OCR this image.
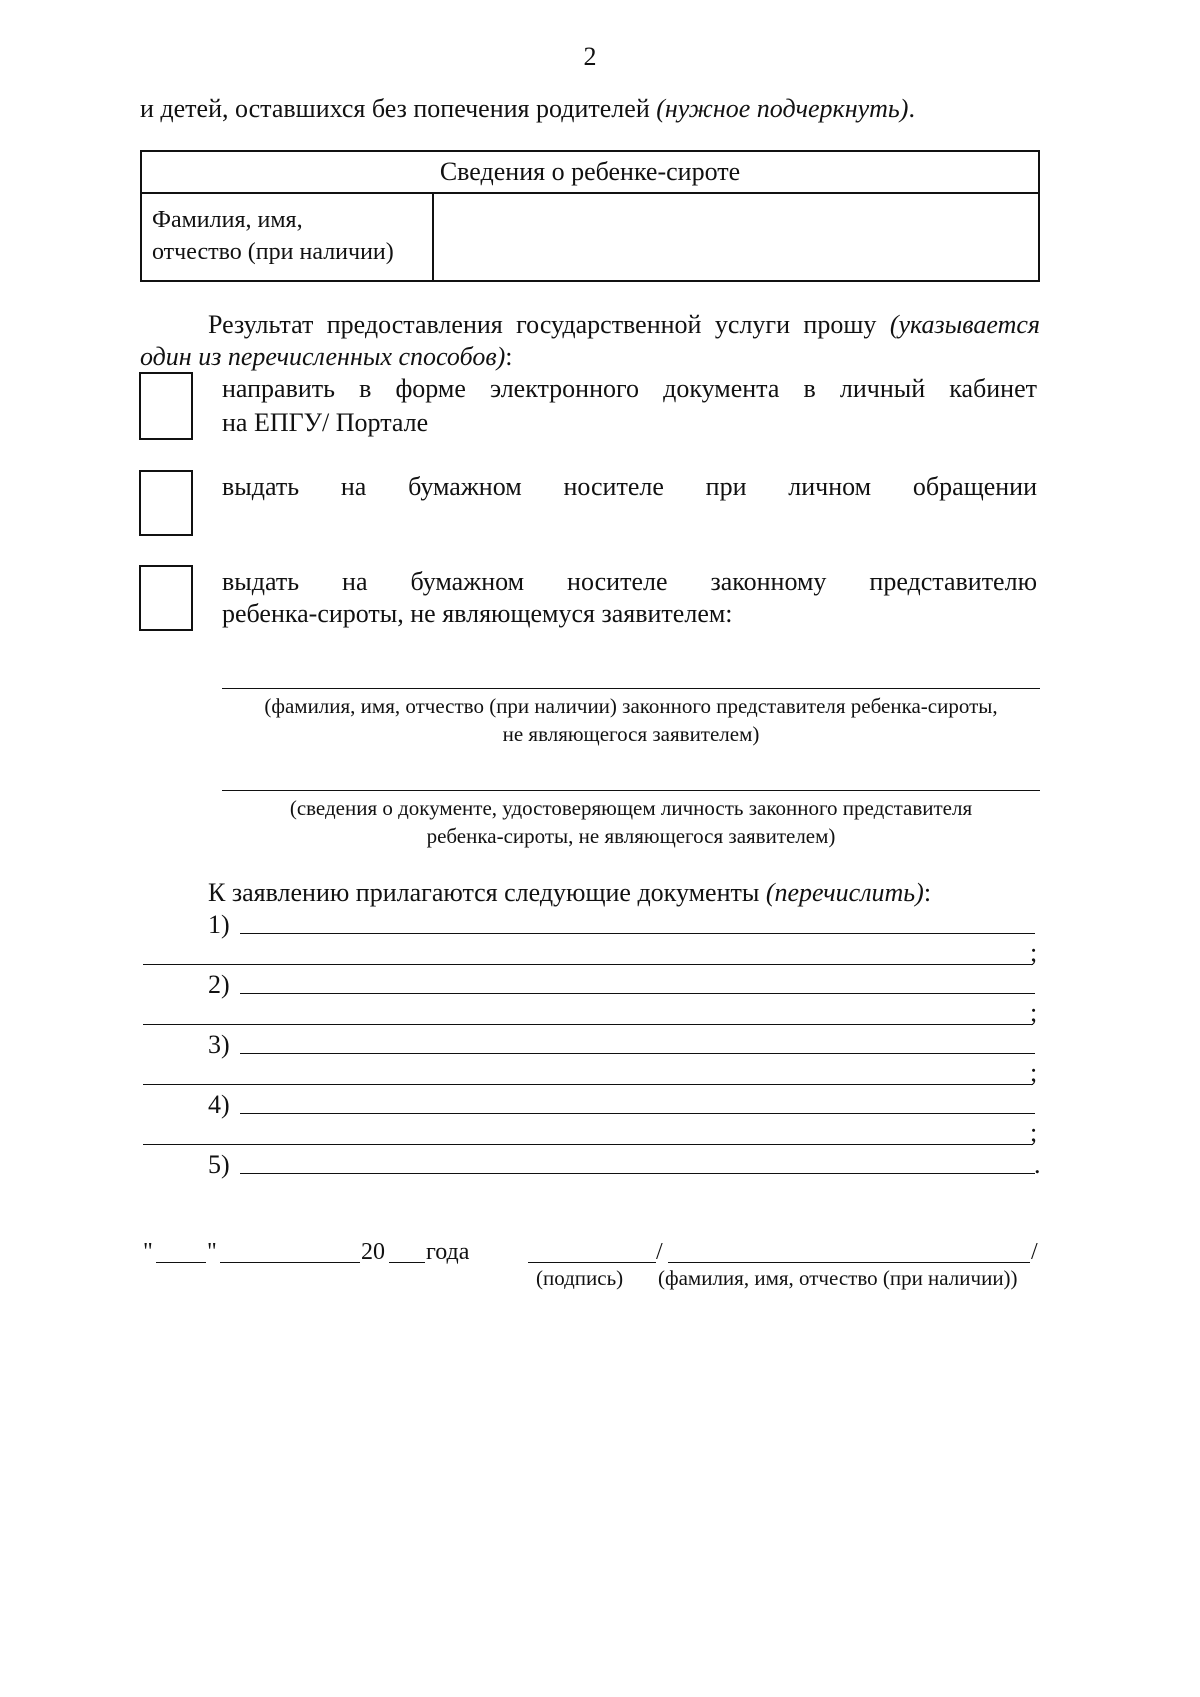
2
и детей, оставшихся без попечения родителей (нужное подчеркнуть).
Сведения о ребенке-сироте
Фамилия, имя,
отчество (при наличии)
Результат предоставления государственной услуги прошу (указывается
один из перечисленных способов):
направить в форме электронного документа в личный кабинет
на ЕПГУ/ Портале
выдать на бумажном носителе при личном обращении
выдать на бумажном носителе законному представителю
ребенка-сироты, не являющемуся заявителем:
(фамилия, имя, отчество (при наличии) законного представителя ребенка-сироты,
не являющегося заявителем)
(сведения о документе, удостоверяющем личность законного представителя
ребенка-сироты, не являющегося заявителем)
К заявлению прилагаются следующие документы (перечислить):
1)
;
2)
;
3)
;
4)
;
5)	.
" "	20 года	/	/
(подпись)	(фамилия, имя, отчество (при наличии))
